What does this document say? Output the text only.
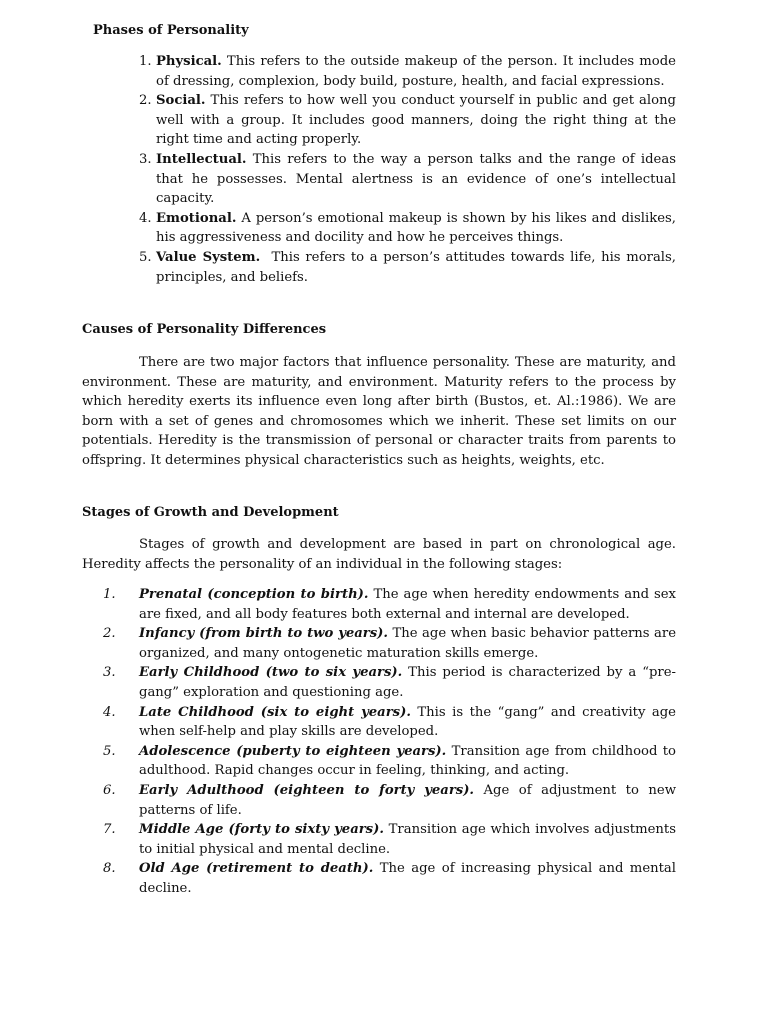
Phases of Personality
1. Physical. This refers to the outside makeup of the person. It includes mode of dressing, complexion, body build, posture, health, and facial expressions.
2. Social. This refers to how well you conduct yourself in public and get along well with a group. It includes good manners, doing the right thing at the right time and acting properly.
3. Intellectual. This refers to the way a person talks and the range of ideas that he possesses. Mental alertness is an evidence of one’s intellectual capacity.
4. Emotional. A person’s emotional makeup is shown by his likes and dislikes, his aggressiveness and docility and how he perceives things.
5. Value System.  This refers to a person’s attitudes towards life, his morals, principles, and beliefs.
Causes of Personality Differences

There are two major factors that influence personality. These are maturity, and environment. These are maturity, and environment. Maturity refers to the process by which heredity exerts its influence even long after birth (Bustos, et. Al.:1986). We are born with a set of genes and chromosomes which we inherit. These set limits on our potentials. Heredity is the transmission of personal or character traits from parents to offspring. It determines physical characteristics such as heights, weights, etc.

Stages of Growth and Development

Stages of growth and development are based in part on chronological age. Heredity affects the personality of an individual in the following stages:

1. Prenatal (conception to birth). The age when heredity endowments and sex are fixed, and all body features both external and internal are developed.
2. Infancy (from birth to two years). The age when basic behavior patterns are organized, and many ontogenetic maturation skills emerge.
3. Early Childhood (two to six years). This period is characterized by a “pre-gang” exploration and questioning age.
4. Late Childhood (six to eight years). This is the “gang” and creativity age when self-help and play skills are developed.
5. Adolescence (puberty to eighteen years). Transition age from childhood to adulthood. Rapid changes occur in feeling, thinking, and acting.
6. Early Adulthood (eighteen to forty years). Age of adjustment to new patterns of life.
7. Middle Age (forty to sixty years). Transition age which involves adjustments to initial physical and mental decline.
8. Old Age (retirement to death). The age of increasing physical and mental decline.
